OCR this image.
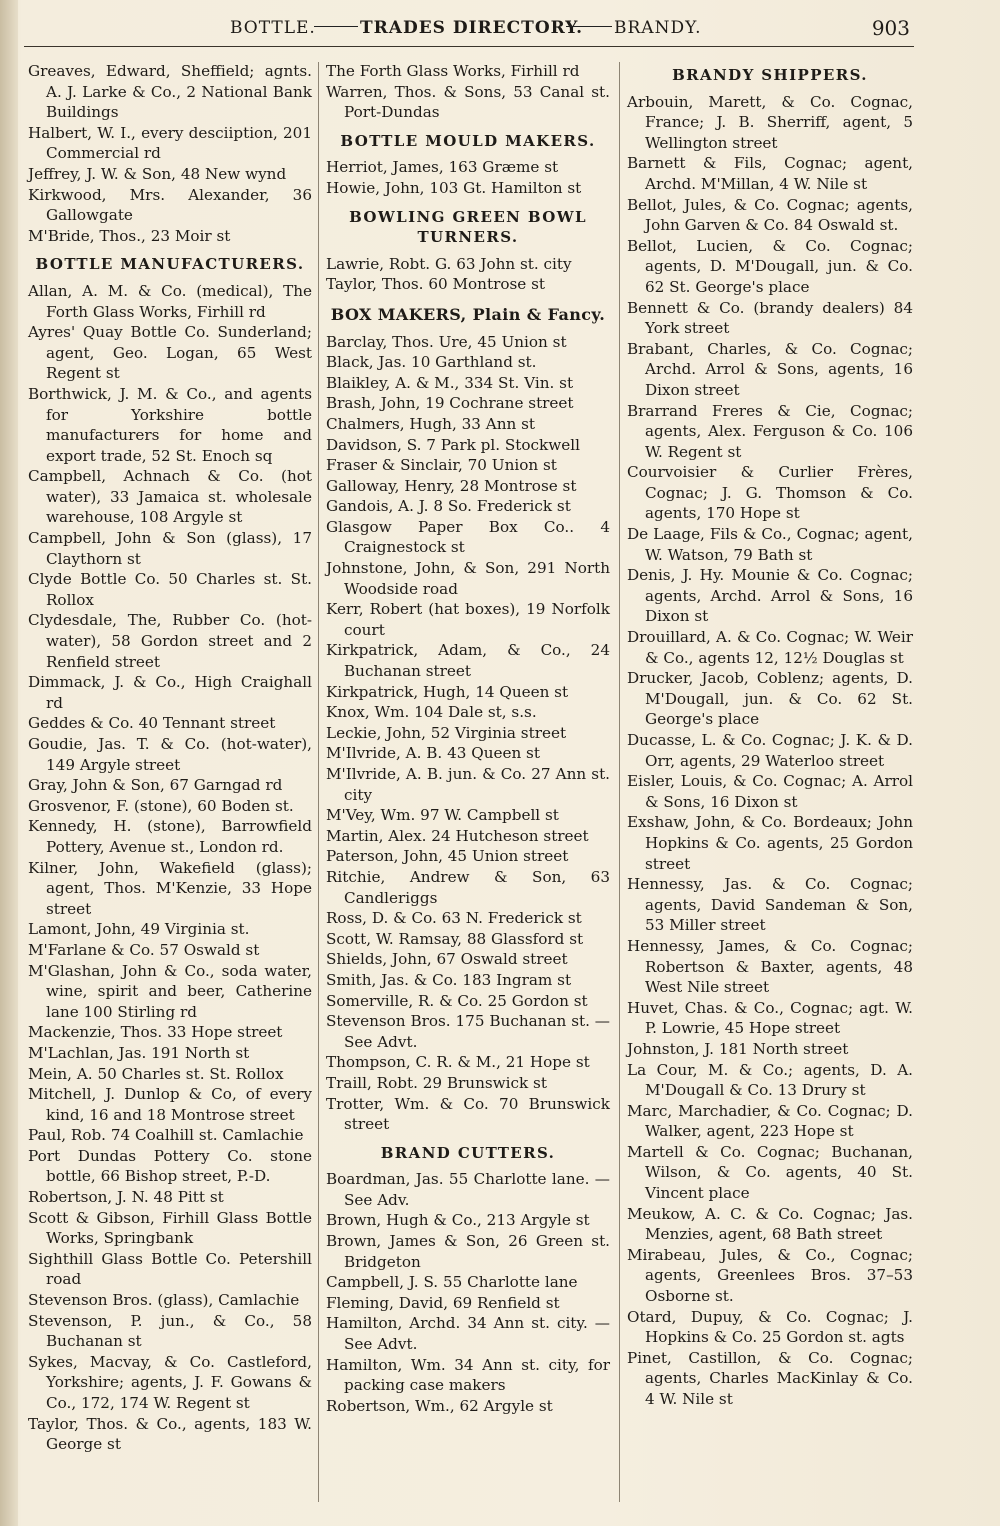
BOTTLE.	TRADES DIRECTORY. BRANDY.	903
Greaves, Edward, Sheffield; agnts. A. J. Larke & Co., 2 National Bank Buildings
Halbert, W. I., every desciiption, 201 Commercial rd
Jeffrey, J. W. & Son, 48 New wynd
Kirkwood, Mrs. Alexander, 36 Gallowgate
M'Bride, Thos., 23 Moir st
BOTTLE MANUFACTURERS.
Allan, A. M. & Co. (medical), The Forth Glass Works, Firhill rd
Ayres' Quay Bottle Co. Sunderland; agent, Geo. Logan, 65 West Regent st
Borthwick, J. M. & Co., and agents for Yorkshire bottle manufacturers for home and export trade, 52 St. Enoch sq
Campbell, Achnach & Co. (hot water), 33 Jamaica st. wholesale warehouse, 108 Argyle st
Campbell, John & Son (glass), 17 Claythorn st
Clyde Bottle Co. 50 Charles st. St. Rollox
Clydesdale, The, Rubber Co. (hot-water), 58 Gordon street and 2 Renfield street
Dimmack, J. & Co., High Craighall rd
Geddes & Co. 40 Tennant street
Goudie, Jas. T. & Co. (hot-water), 149 Argyle street
Gray, John & Son, 67 Garngad rd
Grosvenor, F. (stone), 60 Boden st.
Kennedy, H. (stone), Barrowfield Pottery, Avenue st., London rd.
Kilner, John, Wakefield (glass); agent, Thos. M'Kenzie, 33 Hope street
Lamont, John, 49 Virginia st.
M'Farlane & Co. 57 Oswald st
M'Glashan, John & Co., soda water, wine, spirit and beer, Catherine lane 100 Stirling rd
Mackenzie, Thos. 33 Hope street
M'Lachlan, Jas. 191 North st
Mein, A. 50 Charles st. St. Rollox
Mitchell, J. Dunlop & Co, of every kind, 16 and 18 Montrose street
Paul, Rob. 74 Coalhill st. Camlachie
Port Dundas Pottery Co. stone bottle, 66 Bishop street, P.-D.
Robertson, J. N. 48 Pitt st
Scott & Gibson, Firhill Glass Bottle Works, Springbank
Sighthill Glass Bottle Co. Petershill road
Stevenson Bros. (glass), Camlachie
Stevenson, P. jun., & Co., 58 Buchanan st
Sykes, Macvay, & Co. Castleford, Yorkshire; agents, J. F. Gowans & Co., 172, 174 W. Regent st
Taylor, Thos. & Co., agents, 183 W. George st
The Forth Glass Works, Firhill rd
Warren, Thos. & Sons, 53 Canal st. Port-Dundas
BOTTLE MOULD MAKERS.
Herriot, James, 163 Græme st
Howie, John, 103 Gt. Hamilton st
BOWLING GREEN BOWL TURNERS.
Lawrie, Robt. G. 63 John st. city
Taylor, Thos. 60 Montrose st
BOX MAKERS, Plain & Fancy.
Barclay, Thos. Ure, 45 Union st
Black, Jas. 10 Garthland st.
Blaikley, A. & M., 334 St. Vin. st
Brash, John, 19 Cochrane street
Chalmers, Hugh, 33 Ann st
Davidson, S. 7 Park pl. Stockwell
Fraser & Sinclair, 70 Union st
Galloway, Henry, 28 Montrose st
Gandois, A. J. 8 So. Frederick st
Glasgow Paper Box Co.. 4 Craignestock st
Johnstone, John, & Son, 291 North Woodside road
Kerr, Robert (hat boxes), 19 Norfolk court
Kirkpatrick, Adam, & Co., 24 Buchanan street
Kirkpatrick, Hugh, 14 Queen st
Knox, Wm. 104 Dale st, s.s.
Leckie, John, 52 Virginia street
M'Ilvride, A. B. 43 Queen st
M'Ilvride, A. B. jun. & Co. 27 Ann st. city
M'Vey, Wm. 97 W. Campbell st
Martin, Alex. 24 Hutcheson street
Paterson, John, 45 Union street
Ritchie, Andrew & Son, 63 Candleriggs
Ross, D. & Co. 63 N. Frederick st
Scott, W. Ramsay, 88 Glassford st
Shields, John, 67 Oswald street
Smith, Jas. & Co. 183 Ingram st
Somerville, R. & Co. 25 Gordon st
Stevenson Bros. 175 Buchanan st. —See Advt.
Thompson, C. R. & M., 21 Hope st
Traill, Robt. 29 Brunswick st
Trotter, Wm. & Co. 70 Brunswick street
BRAND CUTTERS.
Boardman, Jas. 55 Charlotte lane. —See Adv.
Brown, Hugh & Co., 213 Argyle st
Brown, James & Son, 26 Green st. Bridgeton
Campbell, J. S. 55 Charlotte lane
Fleming, David, 69 Renfield st
Hamilton, Archd. 34 Ann st. city. —See Advt.
Hamilton, Wm. 34 Ann st. city, for packing case makers
Robertson, Wm., 62 Argyle st
BRANDY SHIPPERS.
Arbouin, Marett, & Co. Cognac, France; J. B. Sherriff, agent, 5 Wellington street
Barnett & Fils, Cognac; agent, Archd. M'Millan, 4 W. Nile st
Bellot, Jules, & Co. Cognac; agents, John Garven & Co. 84 Oswald st.
Bellot, Lucien, & Co. Cognac; agents, D. M'Dougall, jun. & Co. 62 St. George's place
Bennett & Co. (brandy dealers) 84 York street
Brabant, Charles, & Co. Cognac; Archd. Arrol & Sons, agents, 16 Dixon street
Brarrand Freres & Cie, Cognac; agents, Alex. Ferguson & Co. 106 W. Regent st
Courvoisier & Curlier Frères, Cognac; J. G. Thomson & Co. agents, 170 Hope st
De Laage, Fils & Co., Cognac; agent, W. Watson, 79 Bath st
Denis, J. Hy. Mounie & Co. Cognac; agents, Archd. Arrol & Sons, 16 Dixon st
Drouillard, A. & Co. Cognac; W. Weir & Co., agents 12, 12½ Douglas st
Drucker, Jacob, Coblenz; agents, D. M'Dougall, jun. & Co. 62 St. George's place
Ducasse, L. & Co. Cognac; J. K. & D. Orr, agents, 29 Waterloo street
Eisler, Louis, & Co. Cognac; A. Arrol & Sons, 16 Dixon st
Exshaw, John, & Co. Bordeaux; John Hopkins & Co. agents, 25 Gordon street
Hennessy, Jas. & Co. Cognac; agents, David Sandeman & Son, 53 Miller street
Hennessy, James, & Co. Cognac; Robertson & Baxter, agents, 48 West Nile street
Huvet, Chas. & Co., Cognac; agt. W. P. Lowrie, 45 Hope street
Johnston, J. 181 North street
La Cour, M. & Co.; agents, D. A. M'Dougall & Co. 13 Drury st
Marc, Marchadier, & Co. Cognac; D. Walker, agent, 223 Hope st
Martell & Co. Cognac; Buchanan, Wilson, & Co. agents, 40 St. Vincent place
Meukow, A. C. & Co. Cognac; Jas. Menzies, agent, 68 Bath street
Mirabeau, Jules, & Co., Cognac; agents, Greenlees Bros. 37–53 Osborne st.
Otard, Dupuy, & Co. Cognac; J. Hopkins & Co. 25 Gordon st. agts
Pinet, Castillon, & Co. Cognac; agents, Charles MacKinlay & Co. 4 W. Nile st
